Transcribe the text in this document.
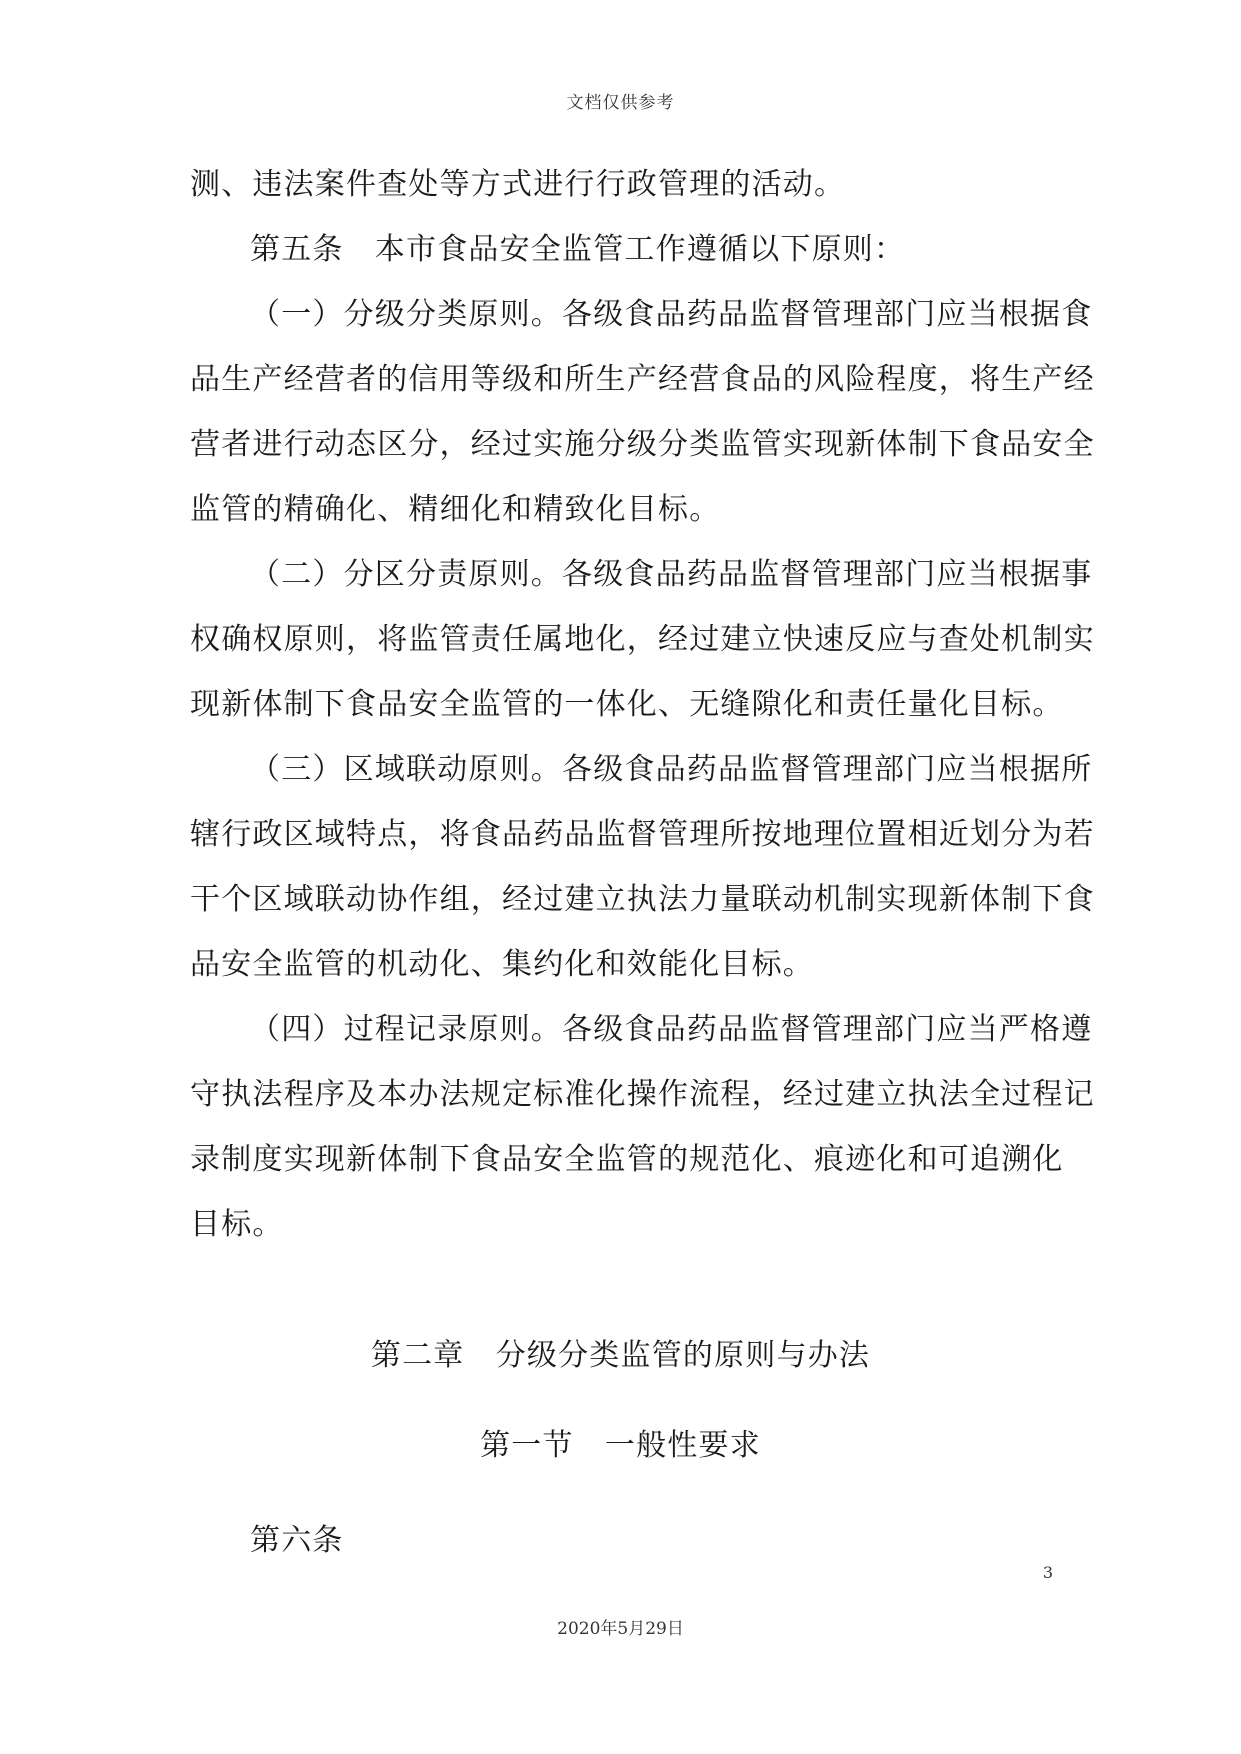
文档仅供参考
测、违法案件查处等方式进行行政管理的活动。
第五条　本市食品安全监管工作遵循以下原则：
（一）分级分类原则。各级食品药品监督管理部门应当根据食
品生产经营者的信用等级和所生产经营食品的风险程度，将生产经
营者进行动态区分，经过实施分级分类监管实现新体制下食品安全
监管的精确化、精细化和精致化目标。
（二）分区分责原则。各级食品药品监督管理部门应当根据事
权确权原则，将监管责任属地化，经过建立快速反应与查处机制实
现新体制下食品安全监管的一体化、无缝隙化和责任量化目标。
（三）区域联动原则。各级食品药品监督管理部门应当根据所
辖行政区域特点，将食品药品监督管理所按地理位置相近划分为若
干个区域联动协作组，经过建立执法力量联动机制实现新体制下食
品安全监管的机动化、集约化和效能化目标。
（四）过程记录原则。各级食品药品监督管理部门应当严格遵
守执法程序及本办法规定标准化操作流程，经过建立执法全过程记
录制度实现新体制下食品安全监管的规范化、痕迹化和可追溯化
目标。
第二章　分级分类监管的原则与办法
第一节　一般性要求
第六条
3
2020年5月29日
